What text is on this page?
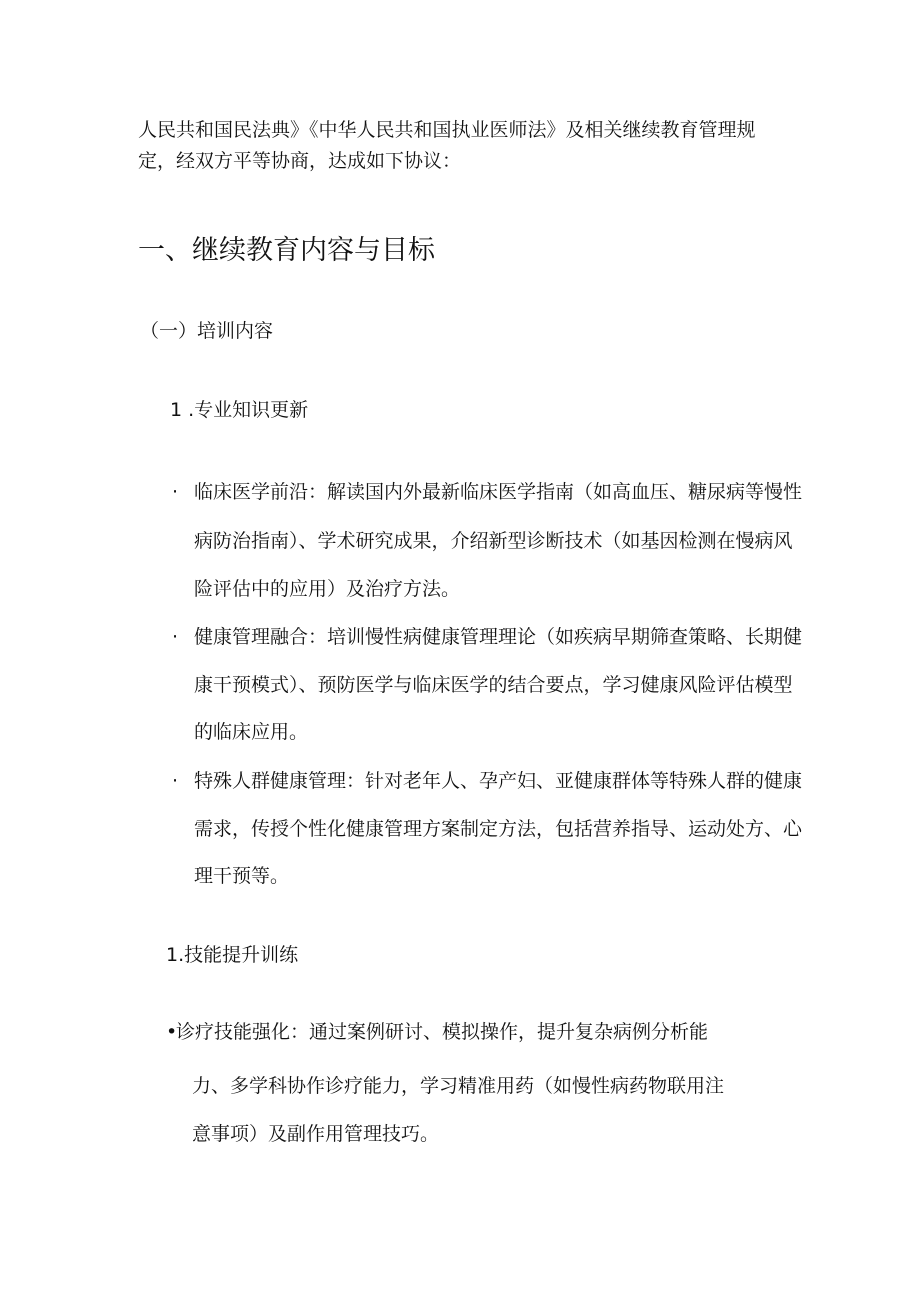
人民共和国民法典》《中华人民共和国执业医师法》及相关继续教育管理规
定，经双方平等协商，达成如下协议：
一、继续教育内容与目标
（一）培训内容
1 .专业知识更新
· 临床医学前沿：解读国内外最新临床医学指南（如高血压、糖尿病等慢性
病防治指南）、学术研究成果，介绍新型诊断技术（如基因检测在慢病风
险评估中的应用）及治疗方法。
· 健康管理融合：培训慢性病健康管理理论（如疾病早期筛查策略、长期健
康干预模式）、预防医学与临床医学的结合要点，学习健康风险评估模型
的临床应用。
· 特殊人群健康管理：针对老年人、孕产妇、亚健康群体等特殊人群的健康
需求，传授个性化健康管理方案制定方法，包括营养指导、运动处方、心
理干预等。
1.技能提升训练
•
诊疗技能强化：通过案例研讨、模拟操作，提升复杂病例分析能
力、多学科协作诊疗能力，学习精准用药（如慢性病药物联用注
意事项）及副作用管理技巧。
